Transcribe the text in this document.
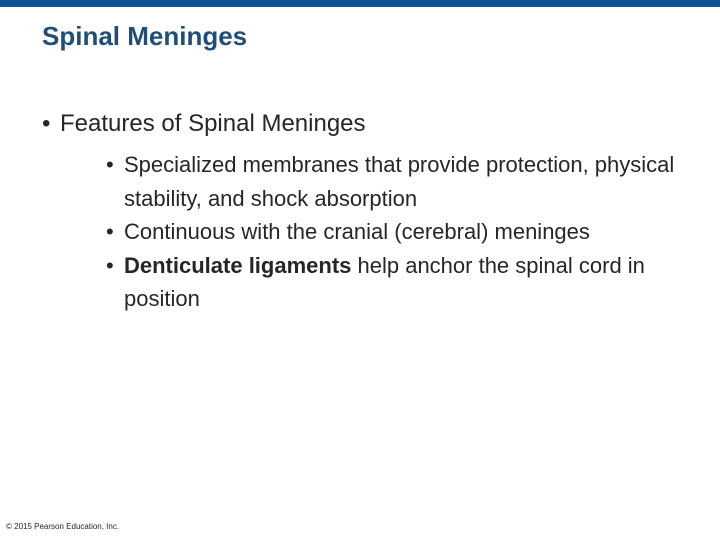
Spinal Meninges
• Features of Spinal Meninges
• Specialized membranes that provide protection, physical stability, and shock absorption
• Continuous with the cranial (cerebral) meninges
• Denticulate ligaments help anchor the spinal cord in position
© 2015 Pearson Education, Inc.
